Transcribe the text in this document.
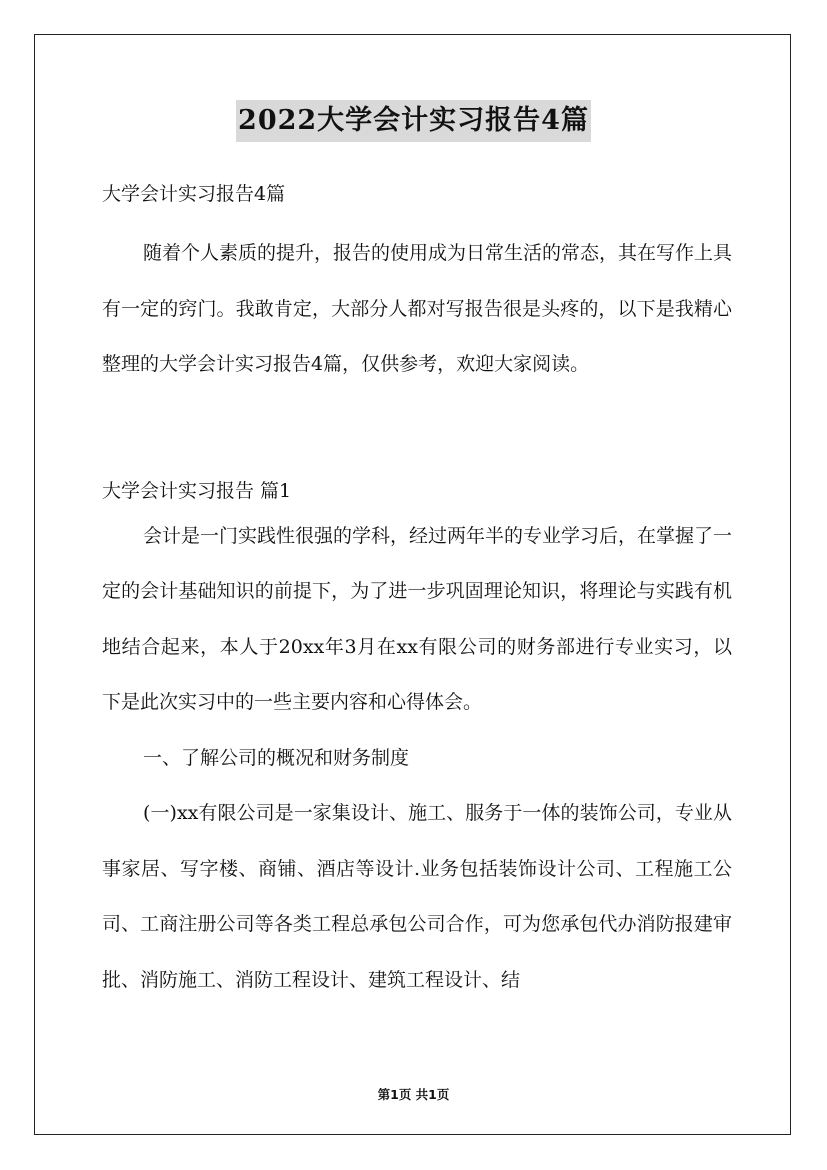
2022大学会计实习报告4篇

大学会计实习报告4篇

随着个人素质的提升，报告的使用成为日常生活的常态，其在写作上具有一定的窍门。我敢肯定，大部分人都对写报告很是头疼的，以下是我精心整理的大学会计实习报告4篇，仅供参考，欢迎大家阅读。

大学会计实习报告 篇1

会计是一门实践性很强的学科，经过两年半的专业学习后，在掌握了一定的会计基础知识的前提下，为了进一步巩固理论知识，将理论与实践有机地结合起来，本人于20xx年3月在xx有限公司的财务部进行专业实习，以下是此次实习中的一些主要内容和心得体会。

一、了解公司的概况和财务制度

(一)xx有限公司是一家集设计、施工、服务于一体的装饰公司，专业从事家居、写字楼、商铺、酒店等设计.业务包括装饰设计公司、工程施工公司、工商注册公司等各类工程总承包公司合作，可为您承包代办消防报建审批、消防施工、消防工程设计、建筑工程设计、结

第1页 共1页
